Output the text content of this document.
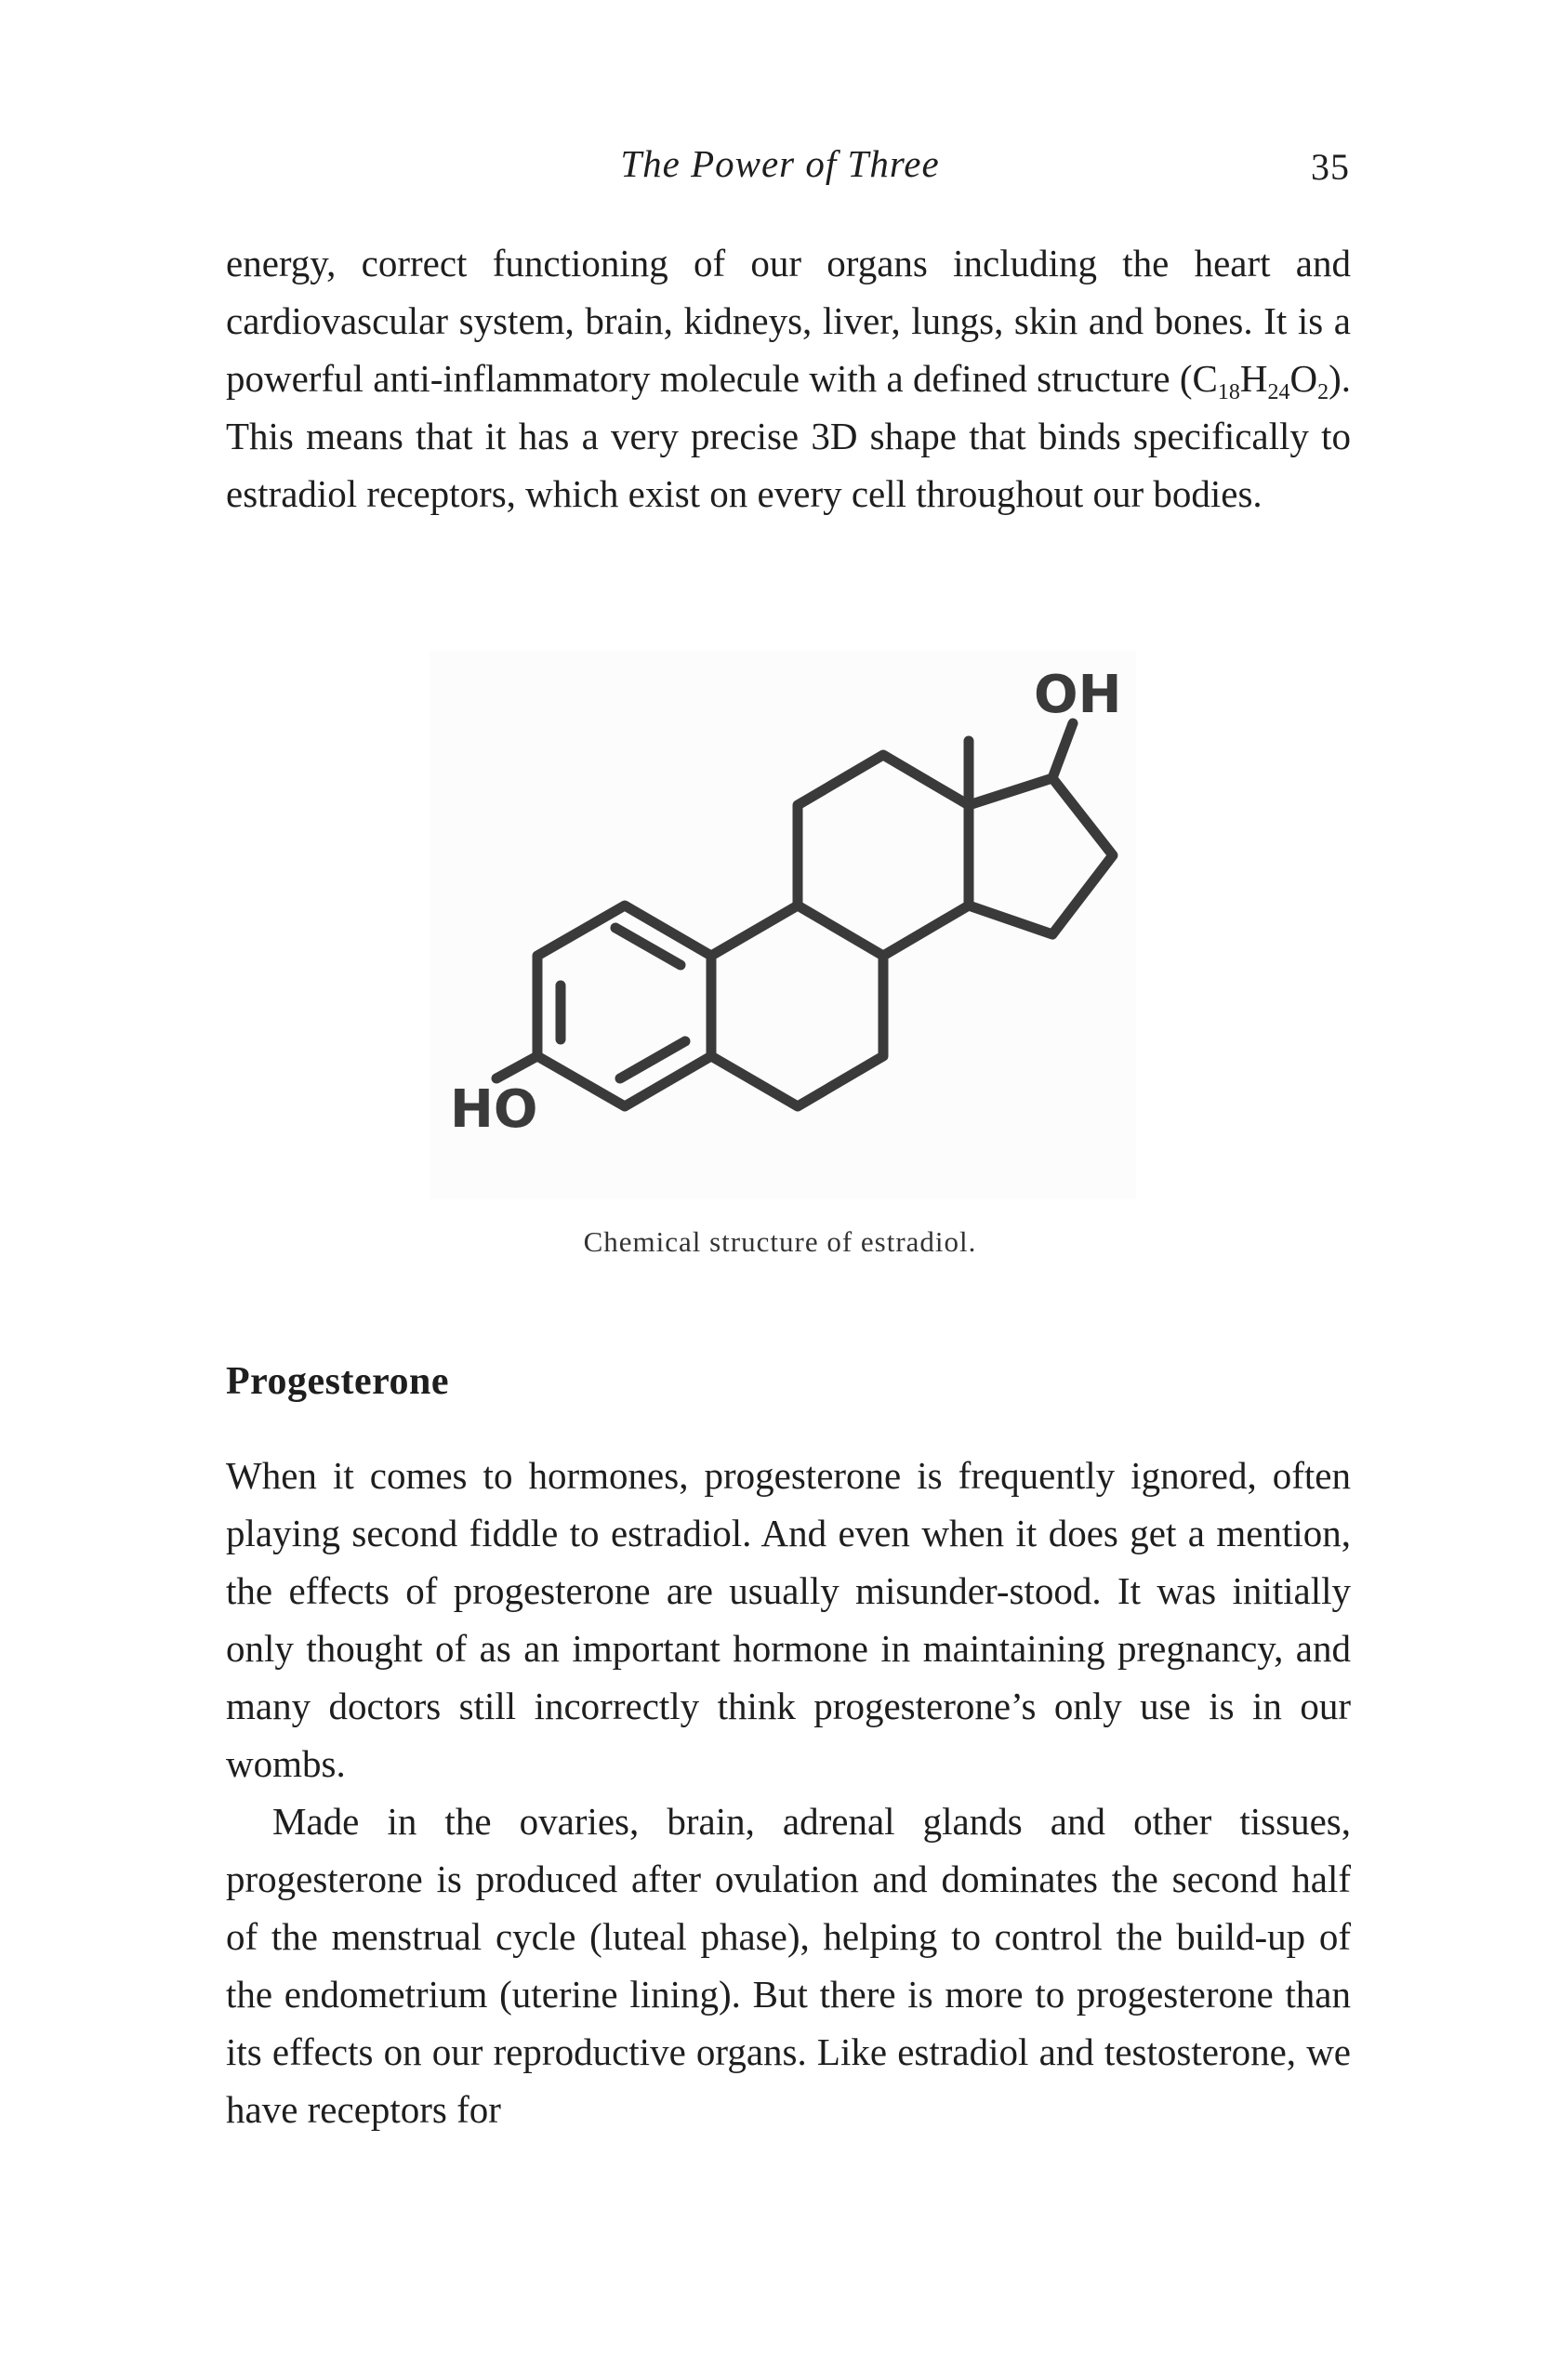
The Power of Three	35

energy, correct functioning of our organs including the heart and cardiovascular system, brain, kidneys, liver, lungs, skin and bones. It is a powerful anti-inflammatory molecule with a defined structure $(C_{18}H_{24}O_2)$. This means that it has a very precise 3D shape that binds specifically to estradiol receptors, which exist on every cell throughout our bodies.

OH
HO
Chemical structure of estradiol.
Progesterone

When it comes to hormones, progesterone is frequently ignored, often playing second fiddle to estradiol. And even when it does get a mention, the effects of progesterone are usually misunder-stood. It was initially only thought of as an important hormone in maintaining pregnancy, and many doctors still incorrectly think progesterone’s only use is in our wombs.

Made in the ovaries, brain, adrenal glands and other tissues, progesterone is produced after ovulation and dominates the second half of the menstrual cycle (luteal phase), helping to control the build-up of the endometrium (uterine lining). But there is more to progesterone than its effects on our reproductive organs. Like estradiol and testosterone, we have receptors for
